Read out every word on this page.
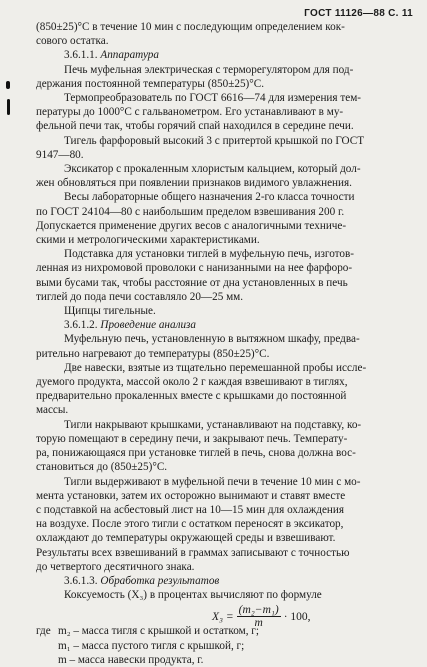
ГОСТ 11126—88 С. 11
(850±25)°С в течение 10 мин с последующим определением кок-
сового остатка.
3.6.1.1. Аппаратура
Печь муфельная электрическая с терморегулятором для под-
держания постоянной температуры (850±25)°С.
Термопреобразователь по ГОСТ 6616—74 для измерения тем-
пературы до 1000°С с гальванометром. Его устанавливают в му-
фельной печи так, чтобы горячий спай находился в середине печи.
Тигель фарфоровый высокий 3 с притертой крышкой по ГОСТ
9147—80.
Эксикатор с прокаленным хлористым кальцием, который дол-
жен обновляться при появлении признаков видимого увлажнения.
Весы лабораторные общего назначения 2-го класса точности
по ГОСТ 24104—80 с наибольшим пределом взвешивания 200 г.
Допускается применение других весов с аналогичными техниче-
скими и метрологическими характеристиками.
Подставка для установки тиглей в муфельную печь, изготов-
ленная из нихромовой проволоки с нанизанными на нее фарфоро-
выми бусами так, чтобы расстояние от дна установленных в печь
тиглей до пода печи составляло 20—25 мм.
Щипцы тигельные.
3.6.1.2. Проведение анализа
Муфельную печь, установленную в вытяжном шкафу, предва-
рительно нагревают до температуры (850±25)°С.
Две навески, взятые из тщательно перемешанной пробы иссле-
дуемого продукта, массой около 2 г каждая взвешивают в тиглях,
предварительно прокаленных вместе с крышками до постоянной
массы.
Тигли накрывают крышками, устанавливают на подставку, ко-
торую помещают в середину печи, и закрывают печь. Температу-
ра, понижающаяся при установке тиглей в печь, снова должна вос-
становиться до (850±25)°С.
Тигли выдерживают в муфельной печи в течение 10 мин с мо-
мента установки, затем их осторожно вынимают и ставят вместе
с подставкой на асбестовый лист на 10—15 мин для охлаждения
на воздухе. После этого тигли с остатком переносят в эксикатор,
охлаждают до температуры окружающей среды и взвешивают.
Результаты всех взвешиваний в граммах записывают с точностью
до четвертого десятичного знака.
3.6.1.3. Обработка результатов
Коксуемость (X₃) в процентах вычисляют по формуле
$X_3 = \frac{\text{(m₂−m₁)}}{m} \cdot 100$,
где m₂ – масса тигля с крышкой и остатком, г;
m₁ – масса пустого тигля с крышкой, г;
m – масса навески продукта, г.
